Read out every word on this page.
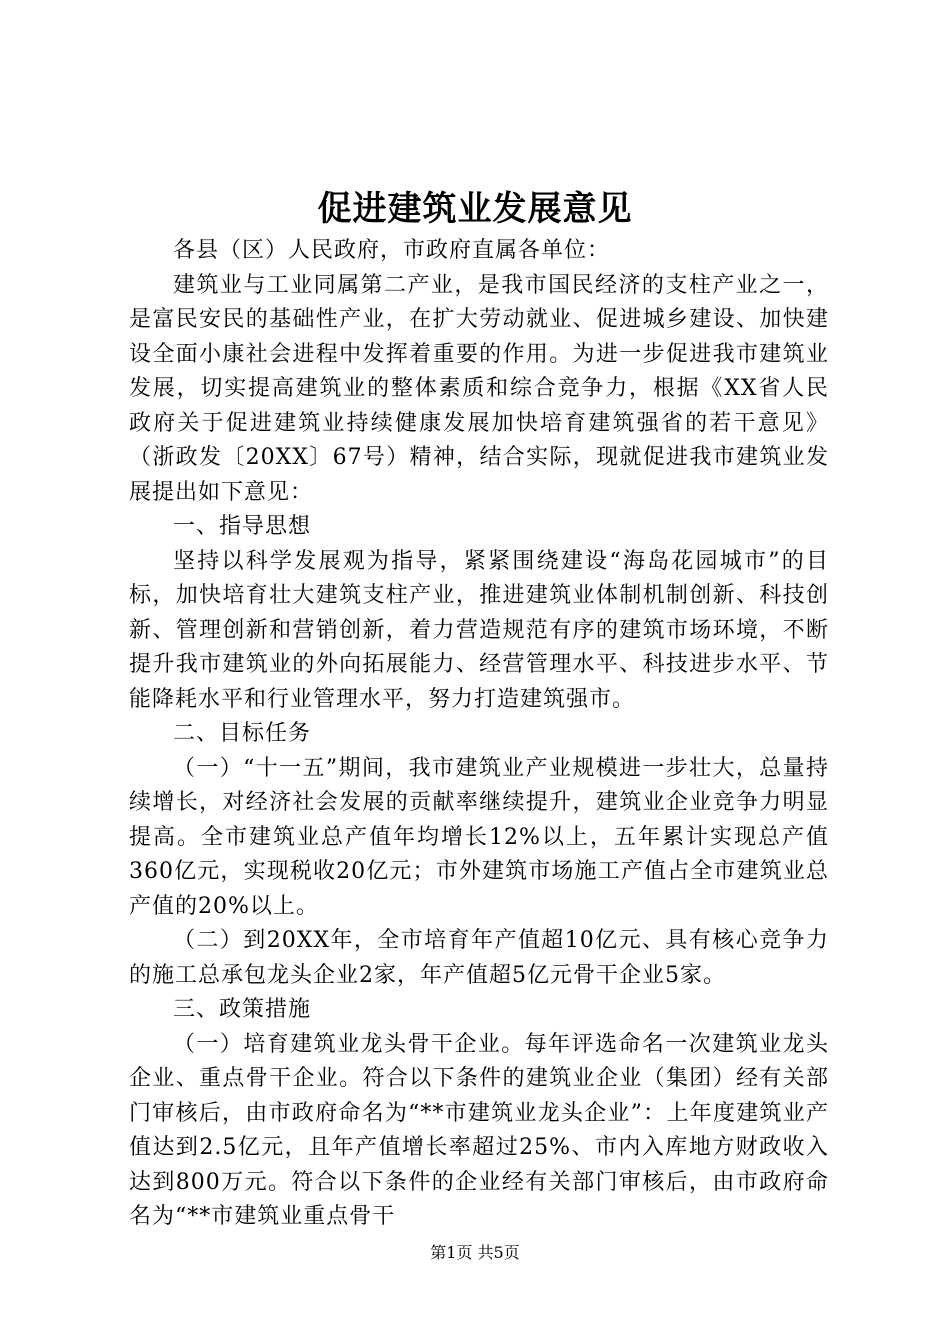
促进建筑业发展意见

各县（区）人民政府，市政府直属各单位：

建筑业与工业同属第二产业，是我市国民经济的支柱产业之一，是富民安民的基础性产业，在扩大劳动就业、促进城乡建设、加快建设全面小康社会进程中发挥着重要的作用。为进一步促进我市建筑业发展，切实提高建筑业的整体素质和综合竞争力，根据《XX省人民政府关于促进建筑业持续健康发展加快培育建筑强省的若干意见》（浙政发〔20XX〕67号）精神，结合实际，现就促进我市建筑业发展提出如下意见：

一、指导思想

坚持以科学发展观为指导，紧紧围绕建设“海岛花园城市”的目标，加快培育壮大建筑支柱产业，推进建筑业体制机制创新、科技创新、管理创新和营销创新，着力营造规范有序的建筑市场环境，不断提升我市建筑业的外向拓展能力、经营管理水平、科技进步水平、节能降耗水平和行业管理水平，努力打造建筑强市。

二、目标任务

（一）“十一五”期间，我市建筑业产业规模进一步壮大，总量持续增长，对经济社会发展的贡献率继续提升，建筑业企业竞争力明显提高。全市建筑业总产值年均增长12%以上，五年累计实现总产值360亿元，实现税收20亿元；市外建筑市场施工产值占全市建筑业总产值的20%以上。

（二）到20XX年，全市培育年产值超10亿元、具有核心竞争力的施工总承包龙头企业2家，年产值超5亿元骨干企业5家。

三、政策措施

（一）培育建筑业龙头骨干企业。每年评选命名一次建筑业龙头企业、重点骨干企业。符合以下条件的建筑业企业（集团）经有关部门审核后，由市政府命名为“**市建筑业龙头企业”：上年度建筑业产值达到2.5亿元，且年产值增长率超过25%、市内入库地方财政收入达到800万元。符合以下条件的企业经有关部门审核后，由市政府命名为“**市建筑业重点骨干

第1页 共5页
